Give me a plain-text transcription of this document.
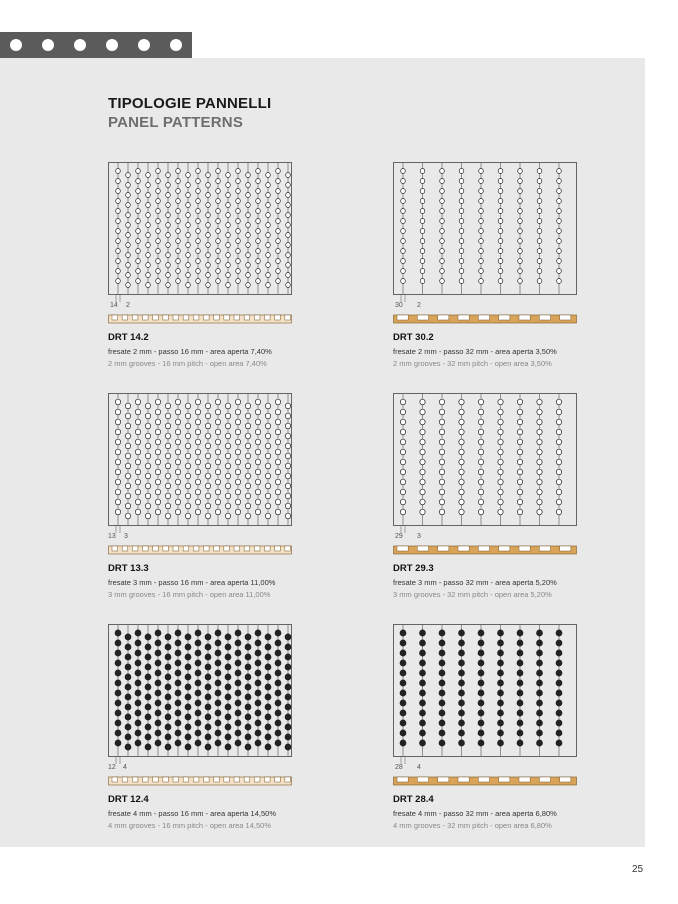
TIPOLOGIE PANNELLI
PANEL PATTERNS
14 2
DRT 14.2
fresate 2 mm - passo 16 mm - area aperta 7,40%
2 mm grooves - 16 mm pitch - open area 7,40%
30 2
DRT 30.2
fresate 2 mm - passo 32 mm - area aperta 3,50%
2 mm grooves - 32 mm pitch - open area 3,50%
13 3
DRT 13.3
fresate 3 mm - passo 16 mm - area aperta 11,00%
3 mm grooves - 16 mm pitch - open area 11,00%
29 3
DRT 29.3
fresate 3 mm - passo 32 mm - area aperta 5,20%
3 mm grooves - 32 mm pitch - open area 5,20%
12 4
DRT 12.4
fresate 4 mm - passo 16 mm - area aperta 14,50%
4 mm grooves - 16 mm pitch - open area 14,50%
28 4
DRT 28.4
fresate 4 mm - passo 32 mm - area aperta 6,80%
4 mm grooves - 32 mm pitch - open area 6,80%
25
